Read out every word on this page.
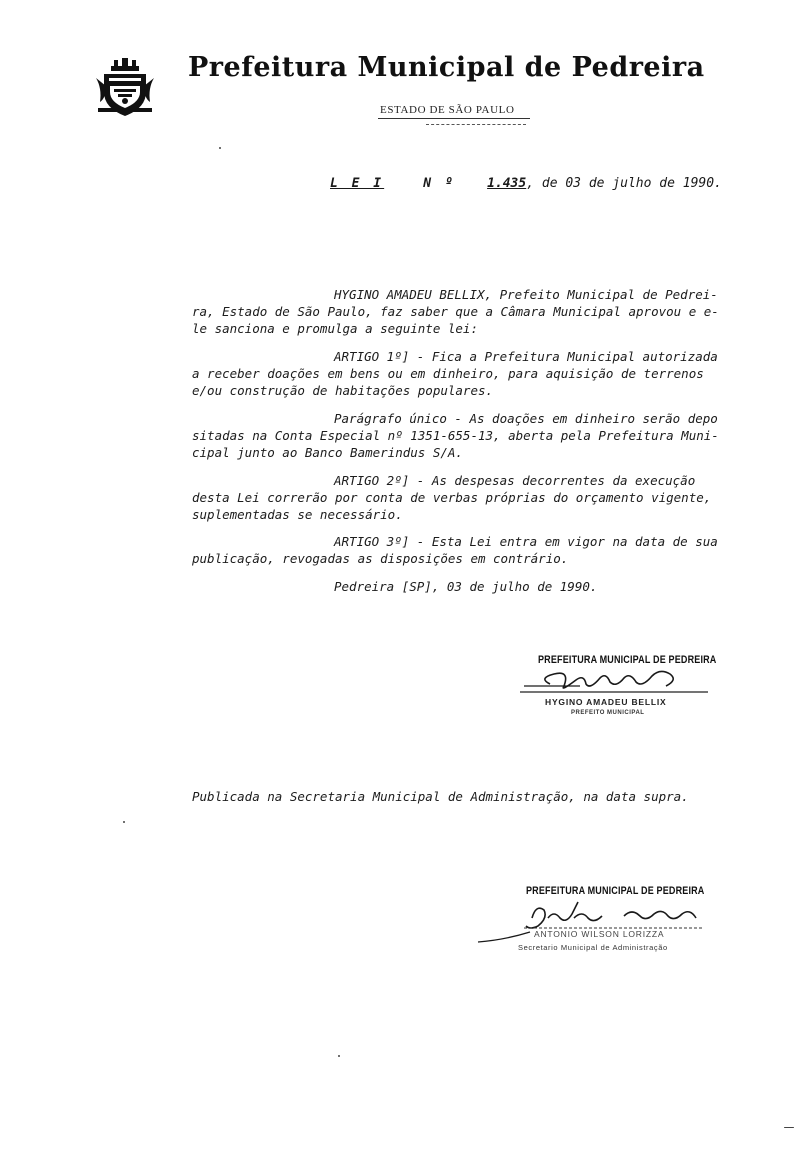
Prefeitura Municipal de Pedreira
ESTADO DE SÃO PAULO
L E I	N º 1.435, de 03 de julho de 1990.
HYGINO AMADEU BELLIX, Prefeito Municipal de Pedrei-
ra, Estado de São Paulo, faz saber que a Câmara Municipal aprovou e e-
le sanciona e promulga a seguinte lei:
ARTIGO 1º] - Fica a Prefeitura Municipal autorizada
a receber doações em bens ou em dinheiro, para aquisição de terrenos
e/ou construção de habitações populares.
Parágrafo único - As doações em dinheiro serão depo
sitadas na Conta Especial nº 1351-655-13, aberta pela Prefeitura Muni-
cipal junto ao Banco Bamerindus S/A.
ARTIGO 2º] - As despesas decorrentes da execução
desta Lei correrão por conta de verbas próprias do orçamento vigente,
suplementadas se necessário.
ARTIGO 3º] - Esta Lei entra em vigor na data de sua
publicação, revogadas as disposições em contrário.
Pedreira [SP], 03 de julho de 1990.
PREFEITURA MUNICIPAL DE PEDREIRA
HYGINO AMADEU BELLIX
PREFEITO MUNICIPAL
Publicada na Secretaria Municipal de Administração, na data supra.
PREFEITURA MUNICIPAL DE PEDREIRA
ANTONIO WILSON LORIZZA
Secretario Municipal de Administração
